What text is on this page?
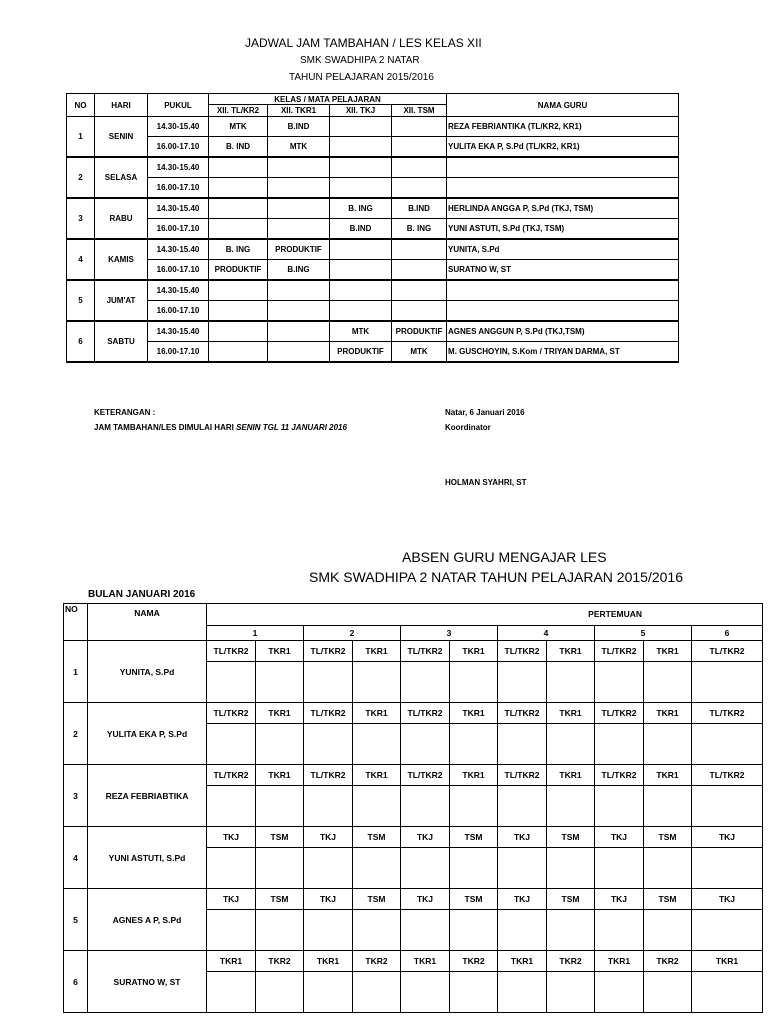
JADWAL JAM TAMBAHAN / LES KELAS XII
SMK SWADHIPA 2 NATAR
TAHUN PELAJARAN 2015/2016
NO	HARI	PUKUL	KELAS / MATA PELAJARAN				NAMA GURU
			XII. TL/KR2	XII. TKR1	XII. TKJ	XII. TSM	
1	SENIN	14.30-15.40	MTK	B.IND			REZA FEBRIANTIKA (TL/KR2, KR1)
		16.00-17.10	B. IND	MTK			YULITA EKA P, S.Pd (TL/KR2, KR1)
2	SELASA	14.30-15.40					
		16.00-17.10					
3	RABU	14.30-15.40			B. ING	B.IND	HERLINDA ANGGA P, S.Pd (TKJ, TSM)
		16.00-17.10			B.IND	B. ING	YUNI ASTUTI, S.Pd (TKJ, TSM)
4	KAMIS	14.30-15.40	B. ING	PRODUKTIF			YUNITA, S.Pd
		16.00-17.10	PRODUKTIF	B.ING			SURATNO W, ST
5	JUM'AT	14.30-15.40					
		16.00-17.10					
6	SABTU	14.30-15.40			MTK	PRODUKTIF	AGNES ANGGUN P, S.Pd (TKJ,TSM)
		16.00-17.10			PRODUKTIF	MTK	M. GUSCHOYIN, S.Kom / TRIYAN DARMA, ST
KETERANGAN :
JAM TAMBAHAN/LES DIMULAI HARI SENIN TGL 11 JANUARI 2016
Natar, 6 Januari 2016
Koordinator
HOLMAN SYAHRI, ST
ABSEN GURU MENGAJAR LES
SMK SWADHIPA 2 NATAR TAHUN PELAJARAN 2015/2016
BULAN JANUARI 2016
NO	NAMA	PERTEMUAN										
		1		2		3		4		5		6
1	YUNITA, S.Pd	TL/TKR2	TKR1	TL/TKR2	TKR1	TL/TKR2	TKR1	TL/TKR2	TKR1	TL/TKR2	TKR1	TL/TKR2

2	YULITA EKA P, S.Pd	TL/TKR2	TKR1	TL/TKR2	TKR1	TL/TKR2	TKR1	TL/TKR2	TKR1	TL/TKR2	TKR1	TL/TKR2

3	REZA FEBRIABTIKA	TL/TKR2	TKR1	TL/TKR2	TKR1	TL/TKR2	TKR1	TL/TKR2	TKR1	TL/TKR2	TKR1	TL/TKR2

4	YUNI ASTUTI, S.Pd	TKJ	TSM	TKJ	TSM	TKJ	TSM	TKJ	TSM	TKJ	TSM	TKJ

5	AGNES A P, S.Pd	TKJ	TSM	TKJ	TSM	TKJ	TSM	TKJ	TSM	TKJ	TSM	TKJ

6	SURATNO W, ST	TKR1	TKR2	TKR1	TKR2	TKR1	TKR2	TKR1	TKR2	TKR1	TKR2	TKR1
